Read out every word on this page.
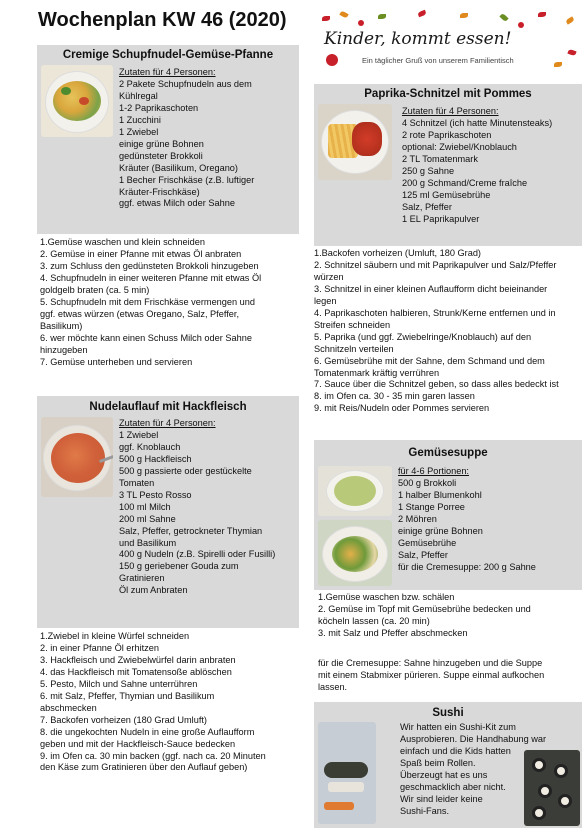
Wochenplan KW 46 (2020)
Kinder, kommt essen!
Ein täglicher Gruß von unserem Familientisch
Cremige Schupfnudel-Gemüse-Pfanne
Zutaten für 4 Personen:
2 Pakete Schupfnudeln aus dem
Kühlregal
1-2 Paprikaschoten
1 Zucchini
1 Zwiebel
einige grüne Bohnen
gedünsteter Brokkoli
Kräuter (Basilikum, Oregano)
1 Becher Frischkäse (z.B. luftiger
Kräuter-Frischkäse)
ggf. etwas Milch oder Sahne
1.Gemüse waschen und klein schneiden
2. Gemüse in einer Pfanne mit etwas Öl anbraten
3. zum Schluss den gedünsteten Brokkoli hinzugeben
4. Schupfnudeln in einer weiteren Pfanne mit etwas Öl
goldgelb braten (ca. 5 min)
5. Schupfnudeln mit dem Frischkäse vermengen und
ggf. etwas würzen (etwas Oregano, Salz, Pfeffer,
Basilikum)
6. wer möchte kann einen Schuss Milch oder Sahne
hinzugeben
7. Gemüse unterheben und servieren
Nudelauflauf mit Hackfleisch
Zutaten für 4 Personen:
1 Zwiebel
ggf. Knoblauch
500 g Hackfleisch
500 g passierte oder gestückelte
Tomaten
3 TL Pesto Rosso
100 ml Milch
200 ml Sahne
Salz, Pfeffer, getrockneter Thymian
und Basilikum
400 g Nudeln (z.B. Spirelli oder Fusilli)
150 g geriebener Gouda zum
Gratinieren
Öl zum Anbraten
1.Zwiebel in kleine Würfel schneiden
2. in einer Pfanne Öl erhitzen
3. Hackfleisch und Zwiebelwürfel darin anbraten
4. das Hackfleisch mit Tomatensoße ablöschen
5. Pesto, Milch und Sahne unterrühren
6. mit Salz, Pfeffer, Thymian und Basilikum
abschmecken
7. Backofen vorheizen (180 Grad Umluft)
8. die ungekochten Nudeln in eine große Auflaufform
geben und mit der Hackfleisch-Sauce bedecken
9. im Ofen ca. 30 min backen (ggf. nach ca. 20 Minuten
den Käse zum Gratinieren über den Auflauf geben)
Paprika-Schnitzel mit Pommes
Zutaten für 4 Personen:
4 Schnitzel (ich hatte Minutensteaks)
2 rote Paprikaschoten
optional: Zwiebel/Knoblauch
2 TL Tomatenmark
250 g Sahne
200 g Schmand/Creme fraîche
125 ml Gemüsebrühe
Salz, Pfeffer
1 EL Paprikapulver
1.Backofen vorheizen (Umluft, 180 Grad)
2. Schnitzel säubern und mit Paprikapulver und Salz/Pfeffer
würzen
3. Schnitzel in einer kleinen Auflaufform dicht beieinander
legen
4. Paprikaschoten halbieren, Strunk/Kerne entfernen und in
Streifen schneiden
5. Paprika (und ggf. Zwiebelringe/Knoblauch) auf den
Schnitzeln verteilen
6. Gemüsebrühe mit der Sahne, dem Schmand und dem
Tomatenmark kräftig verrühren
7. Sauce über die Schnitzel geben, so dass alles bedeckt ist
8. im Ofen ca. 30 - 35 min garen lassen
9. mit Reis/Nudeln oder Pommes servieren
Gemüsesuppe
für 4-6 Portionen:
500 g Brokkoli
1 halber Blumenkohl
1 Stange Porree
2 Möhren
einige grüne Bohnen
Gemüsebrühe
Salz, Pfeffer
für die Cremesuppe: 200 g Sahne
1.Gemüse waschen bzw. schälen
2. Gemüse im Topf mit Gemüsebrühe bedecken und
köcheln lassen (ca. 20 min)
3. mit Salz und Pfeffer abschmecken
für die Cremesuppe: Sahne hinzugeben und die Suppe
mit einem Stabmixer pürieren. Suppe einmal aufkochen
lassen.
Sushi
Wir hatten ein Sushi-Kit zum
Ausprobieren. Die Handhabung war
einfach und die Kids hatten
Spaß beim Rollen.
Überzeugt hat es uns
geschmacklich aber nicht.
Wir sind leider keine
Sushi-Fans.
